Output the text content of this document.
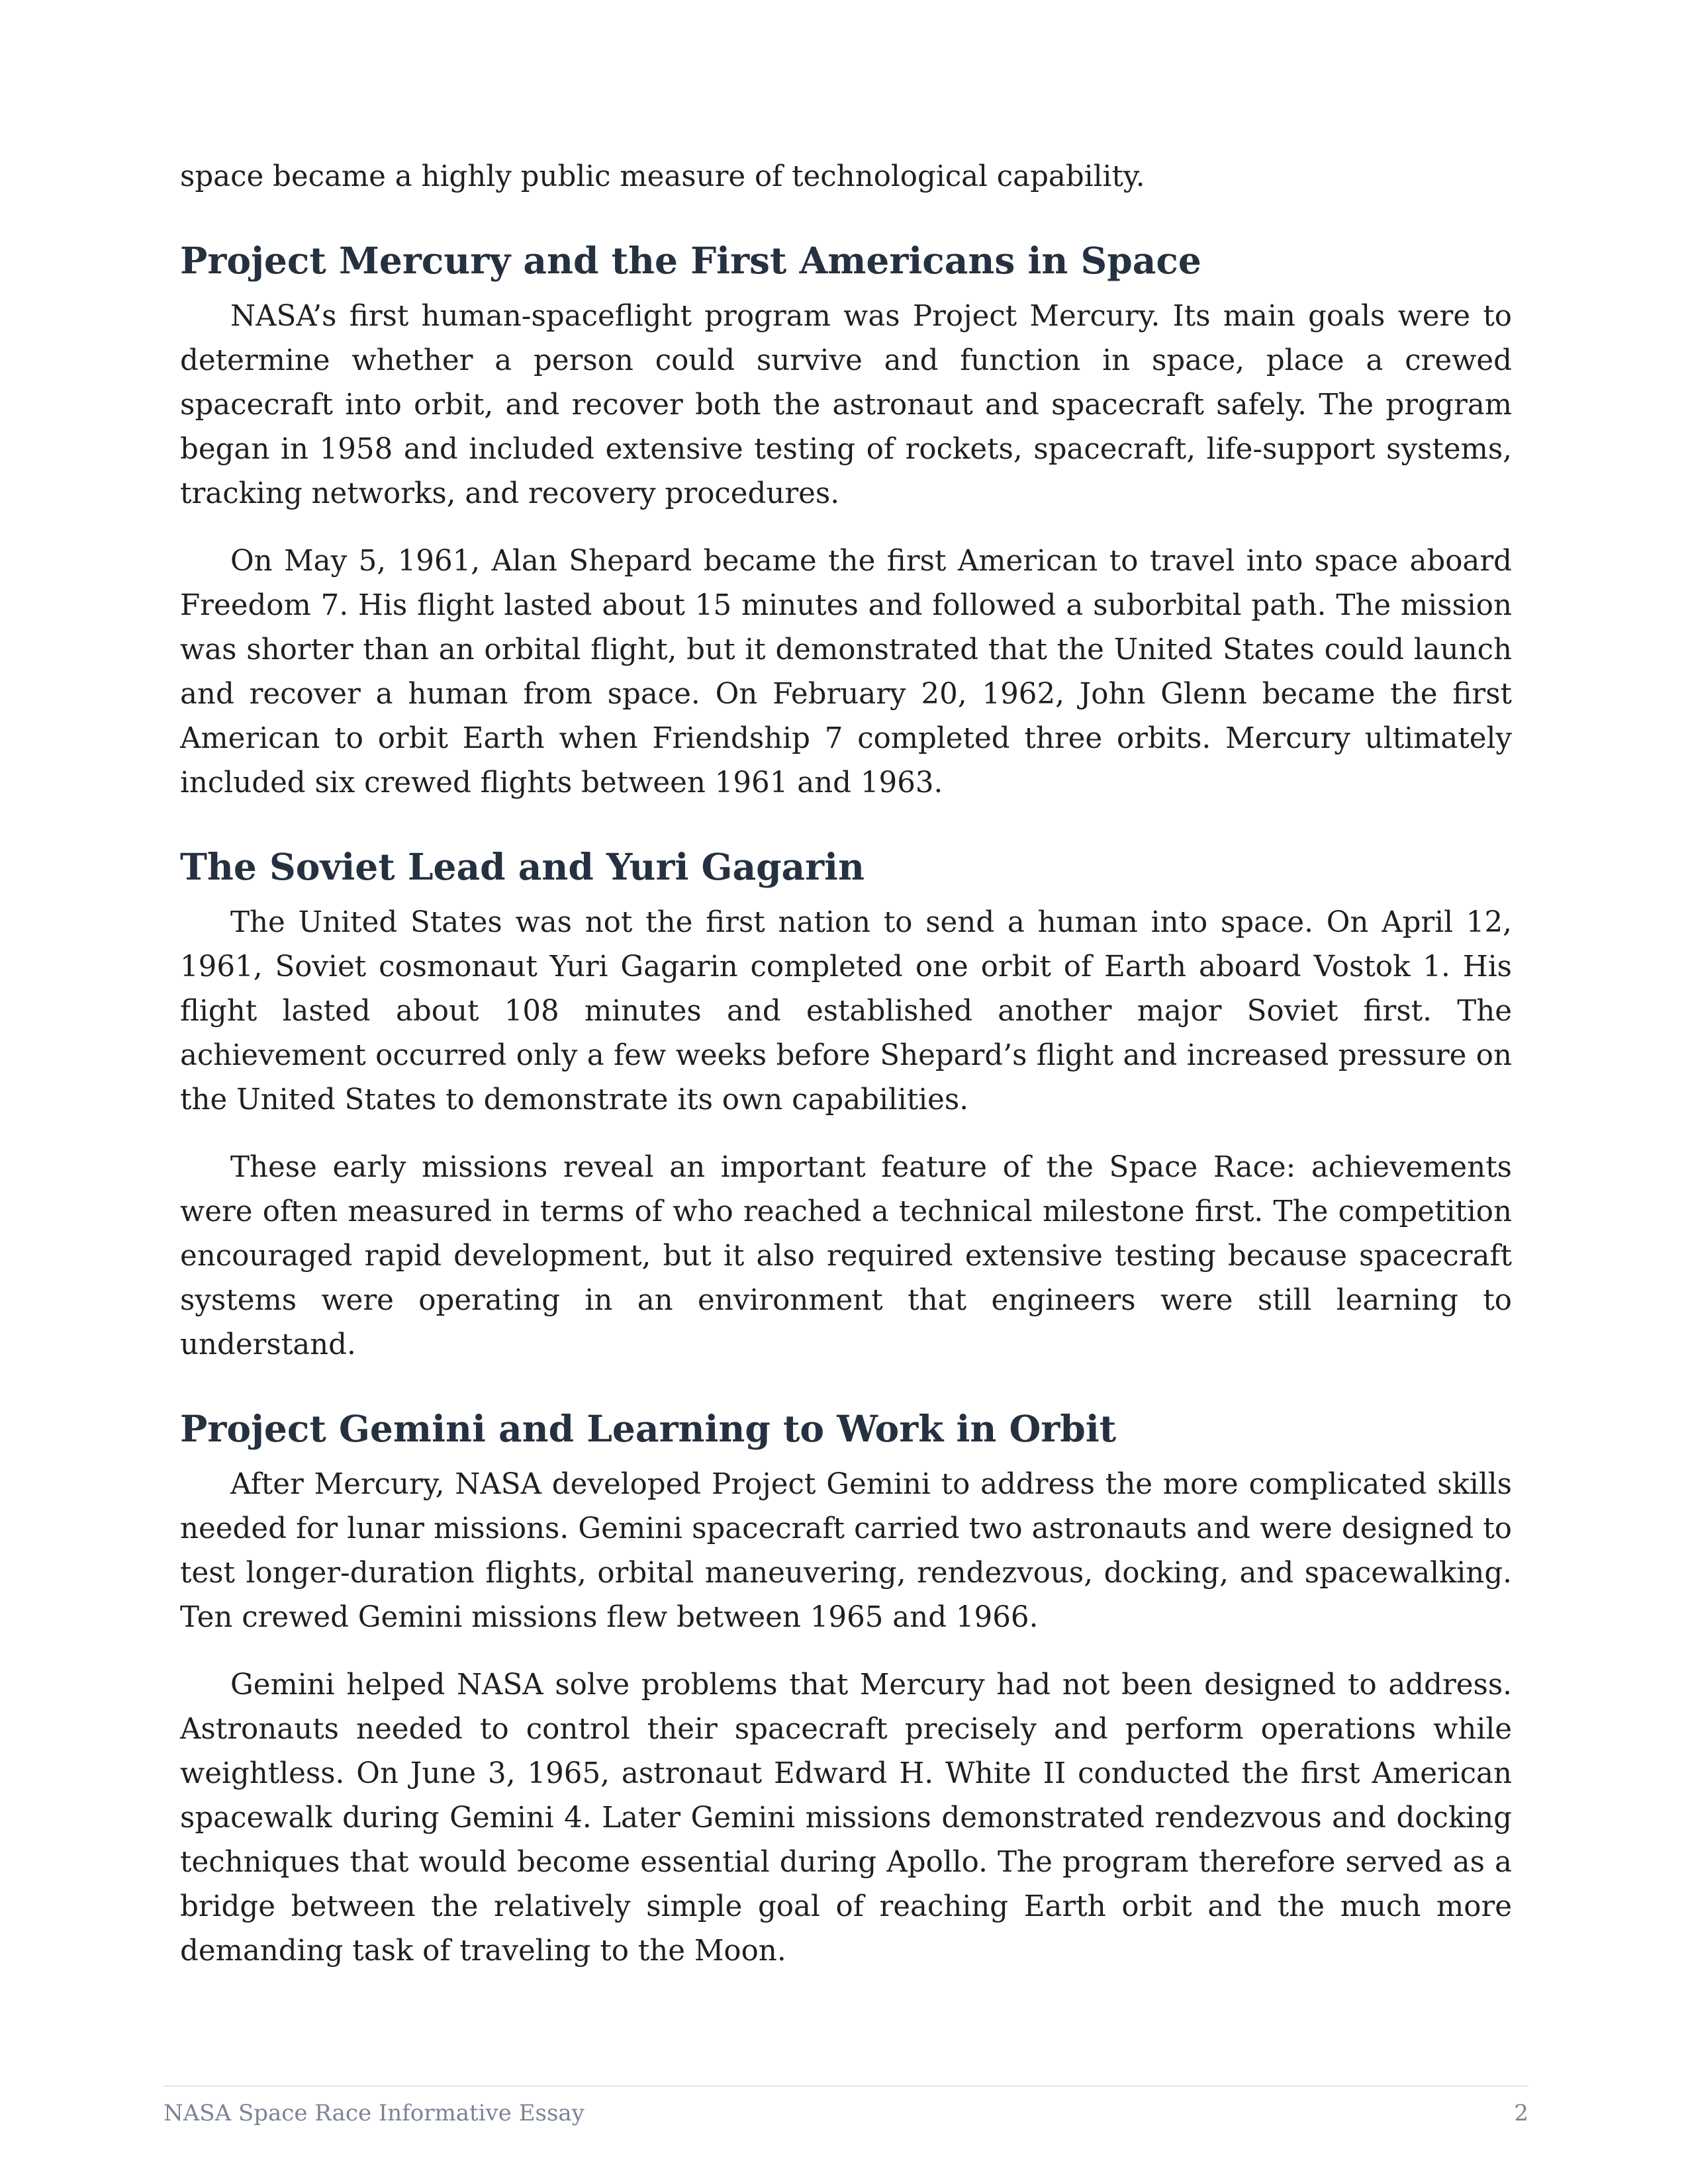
space became a highly public measure of technological capability.

Project Mercury and the First Americans in Space

NASA’s first human-spaceflight program was Project Mercury. Its main goals were to determine whether a person could survive and function in space, place a crewed spacecraft into orbit, and recover both the astronaut and spacecraft safely. The program began in 1958 and included extensive testing of rockets, spacecraft, life-support systems, tracking networks, and recovery procedures.

On May 5, 1961, Alan Shepard became the first American to travel into space aboard Freedom 7. His flight lasted about 15 minutes and followed a suborbital path. The mission was shorter than an orbital flight, but it demonstrated that the United States could launch and recover a human from space. On February 20, 1962, John Glenn became the first American to orbit Earth when Friendship 7 completed three orbits. Mercury ultimately included six crewed flights between 1961 and 1963.

The Soviet Lead and Yuri Gagarin

The United States was not the first nation to send a human into space. On April 12, 1961, Soviet cosmonaut Yuri Gagarin completed one orbit of Earth aboard Vostok 1. His flight lasted about 108 minutes and established another major Soviet first. The achievement occurred only a few weeks before Shepard’s flight and increased pressure on the United States to demonstrate its own capabilities.

These early missions reveal an important feature of the Space Race: achievements were often measured in terms of who reached a technical milestone first. The competition encouraged rapid development, but it also required extensive testing because spacecraft systems were operating in an environment that engineers were still learning to understand.

Project Gemini and Learning to Work in Orbit

After Mercury, NASA developed Project Gemini to address the more complicated skills needed for lunar missions. Gemini spacecraft carried two astronauts and were designed to test longer-duration flights, orbital maneuvering, rendezvous, docking, and spacewalking. Ten crewed Gemini missions flew between 1965 and 1966.

Gemini helped NASA solve problems that Mercury had not been designed to address. Astronauts needed to control their spacecraft precisely and perform operations while weightless. On June 3, 1965, astronaut Edward H. White II conducted the first American spacewalk during Gemini 4. Later Gemini missions demonstrated rendezvous and docking techniques that would become essential during Apollo. The program therefore served as a bridge between the relatively simple goal of reaching Earth orbit and the much more demanding task of traveling to the Moon.

NASA Space Race Informative Essay	2
